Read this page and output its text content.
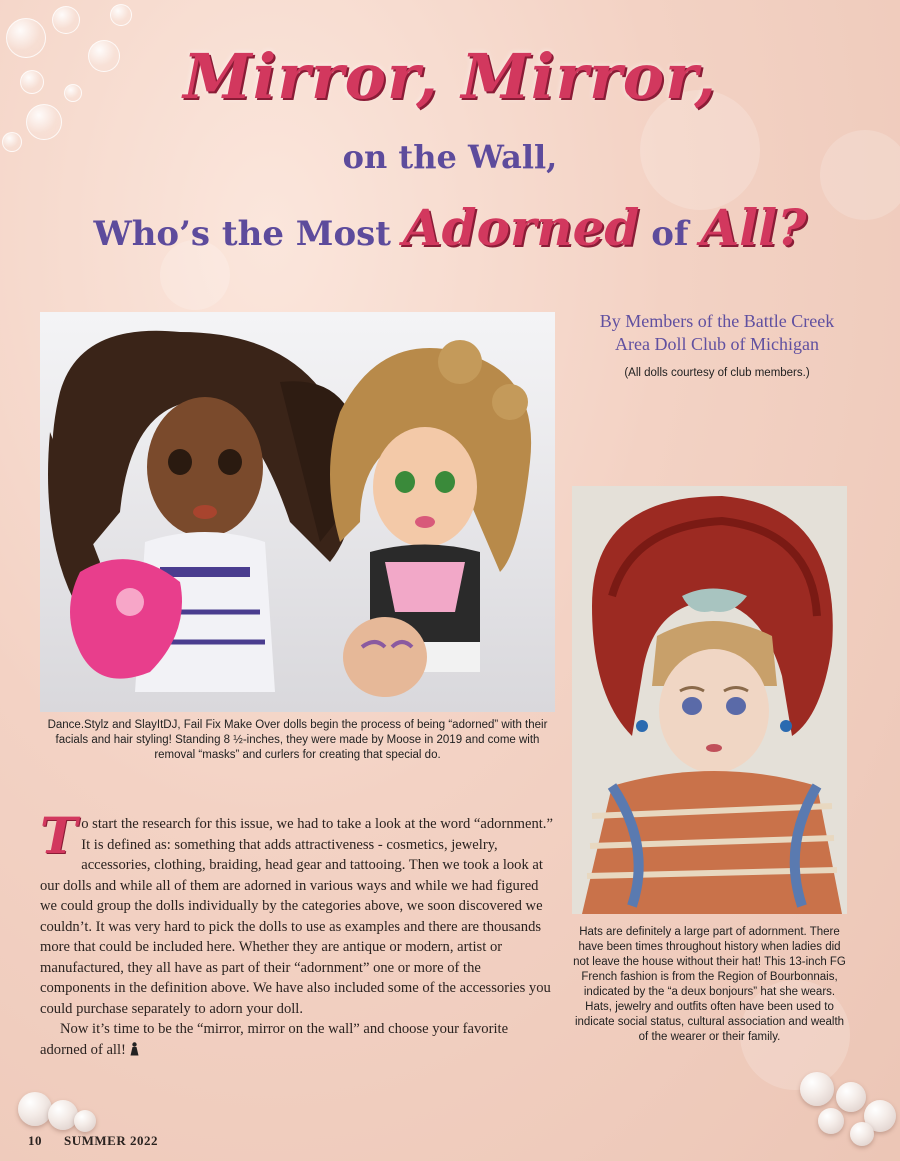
Mirror, Mirror,
on the Wall,
Who’s the Most Adorned of All?
By Members of the Battle Creek
Area Doll Club of Michigan
(All dolls courtesy of club members.)
Dance.Stylz and SlayItDJ, Fail Fix Make Over dolls begin the process of being “adorned” with their facials and hair styling! Standing 8 ½-inches, they were made by Moose in 2019 and come with removal “masks” and curlers for creating that special do.
Hats are definitely a large part of adornment. There have been times throughout history when ladies did not leave the house without their hat! This 13-inch FG French fashion is from the Region of Bourbonnais, indicated by the “a deux bonjours” hat she wears. Hats, jewelry and outfits often have been used to indicate social status, cultural association and wealth of the wearer or their family.

To start the research for this issue, we had to take a look at the word “adornment.” It is defined as: something that adds attractiveness - cosmetics, jewelry, accessories, clothing, braiding, head gear and tattooing. Then we took a look at our dolls and while all of them are adorned in various ways and while we had figured we could group the dolls individually by the categories above, we soon discovered we couldn’t. It was very hard to pick the dolls to use as examples and there are thousands more that could be included here. Whether they are antique or modern, artist or manufactured, they all have as part of their “adornment” one or more of the components in the definition above. We have also included some of the accessories you could purchase separately to adorn your doll.

Now it’s time to be the “mirror, mirror on the wall” and choose your favorite adorned of all!

10 SUMMER 2022
